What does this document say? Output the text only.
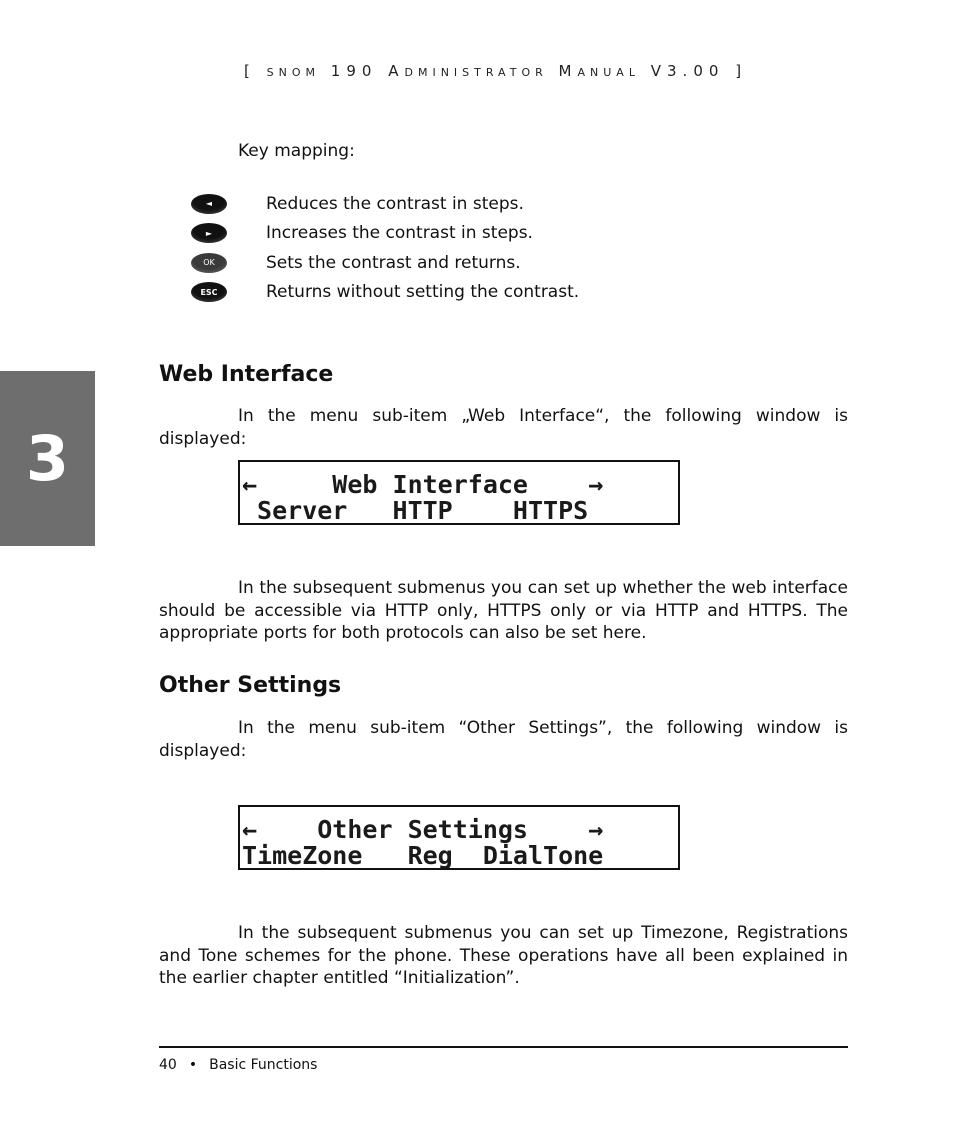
[ SNOM 190 ADMINISTRATOR MANUAL V3.00 ]
Key mapping:
◄	Reduces the contrast in steps.
►	Increases the contrast in steps.
OK	Sets the contrast and returns.
ESC	Returns without setting the contrast.
3
Web Interface

In the menu sub-item „Web Interface“, the following window is displayed:

←     Web Interface    →
Server   HTTP    HTTPS

In the subsequent submenus you can set up whether the web interface should be accessible via HTTP only, HTTPS only or via HTTP and HTTPS. The appropriate ports for both protocols can also be set here.

Other Settings

In the menu sub-item “Other Settings”, the following window is displayed:

←    Other Settings    →
TimeZone   Reg  DialTone

In the subsequent submenus you can set up Timezone, Registrations and Tone schemes for the phone. These operations have all been explained in the earlier chapter entitled “Initialization”.

40 • Basic Functions
